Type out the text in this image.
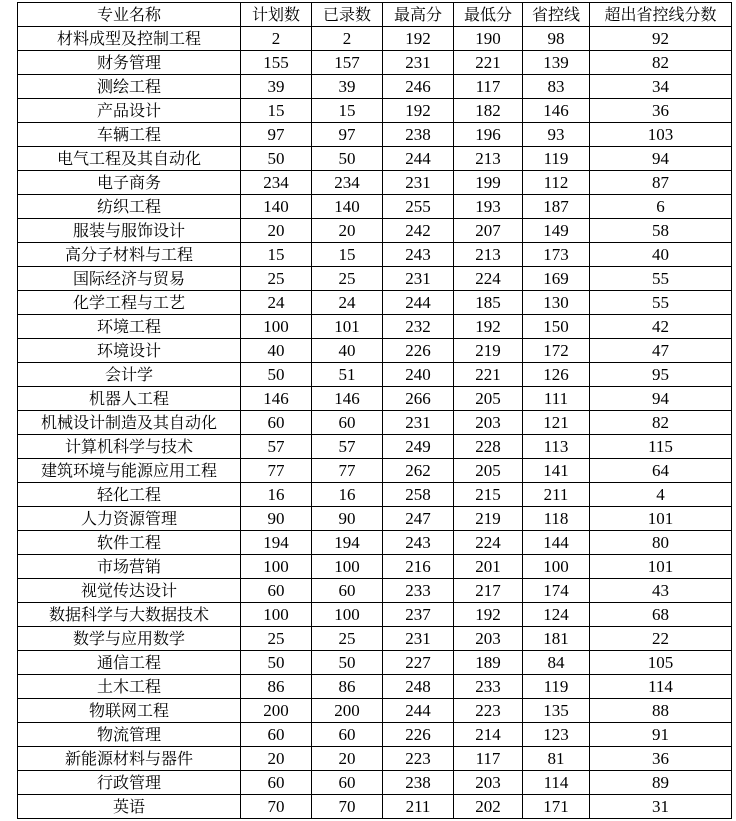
专业名称	计划数	已录数	最高分	最低分	省控线	超出省控线分数
材料成型及控制工程	2	2	192	190	98	92
财务管理	155	157	231	221	139	82
测绘工程	39	39	246	117	83	34
产品设计	15	15	192	182	146	36
车辆工程	97	97	238	196	93	103
电气工程及其自动化	50	50	244	213	119	94
电子商务	234	234	231	199	112	87
纺织工程	140	140	255	193	187	6
服装与服饰设计	20	20	242	207	149	58
高分子材料与工程	15	15	243	213	173	40
国际经济与贸易	25	25	231	224	169	55
化学工程与工艺	24	24	244	185	130	55
环境工程	100	101	232	192	150	42
环境设计	40	40	226	219	172	47
会计学	50	51	240	221	126	95
机器人工程	146	146	266	205	111	94
机械设计制造及其自动化	60	60	231	203	121	82
计算机科学与技术	57	57	249	228	113	115
建筑环境与能源应用工程	77	77	262	205	141	64
轻化工程	16	16	258	215	211	4
人力资源管理	90	90	247	219	118	101
软件工程	194	194	243	224	144	80
市场营销	100	100	216	201	100	101
视觉传达设计	60	60	233	217	174	43
数据科学与大数据技术	100	100	237	192	124	68
数学与应用数学	25	25	231	203	181	22
通信工程	50	50	227	189	84	105
土木工程	86	86	248	233	119	114
物联网工程	200	200	244	223	135	88
物流管理	60	60	226	214	123	91
新能源材料与器件	20	20	223	117	81	36
行政管理	60	60	238	203	114	89
英语	70	70	211	202	171	31
